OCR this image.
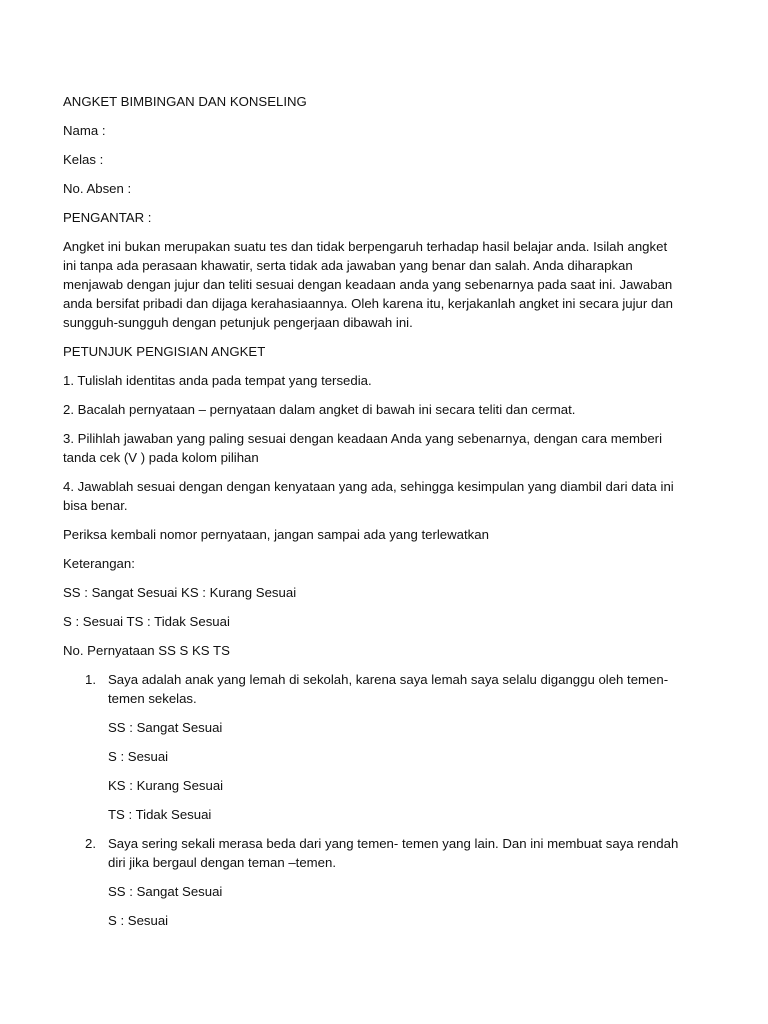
ANGKET BIMBINGAN DAN KONSELING

Nama :

Kelas :

No. Absen :

PENGANTAR :

Angket ini bukan merupakan suatu tes dan tidak berpengaruh terhadap hasil belajar anda. Isilah angket ini tanpa ada perasaan khawatir, serta tidak ada jawaban yang benar dan salah. Anda diharapkan menjawab dengan jujur dan teliti sesuai dengan keadaan anda yang sebenarnya pada saat ini. Jawaban anda bersifat pribadi dan dijaga kerahasiaannya. Oleh karena itu, kerjakanlah angket ini secara jujur dan sungguh-sungguh dengan petunjuk pengerjaan dibawah ini.

PETUNJUK PENGISIAN ANGKET

1. Tulislah identitas anda pada tempat yang tersedia.

2. Bacalah pernyataan – pernyataan dalam angket di bawah ini secara teliti dan cermat.

3. Pilihlah jawaban yang paling sesuai dengan keadaan Anda yang sebenarnya, dengan cara memberi tanda cek (V ) pada kolom pilihan

4. Jawablah sesuai dengan dengan kenyataan yang ada, sehingga kesimpulan yang diambil dari data ini bisa benar.

Periksa kembali nomor pernyataan, jangan sampai ada yang terlewatkan

Keterangan:

SS : Sangat Sesuai KS : Kurang Sesuai

S : Sesuai TS : Tidak Sesuai

No. Pernyataan SS S KS TS

1. Saya adalah anak yang lemah di sekolah, karena saya lemah saya selalu diganggu oleh temen- temen sekelas.

SS : Sangat Sesuai

S : Sesuai

KS : Kurang Sesuai

TS : Tidak Sesuai

2. Saya sering sekali merasa beda dari yang temen- temen yang lain. Dan ini membuat saya rendah diri jika bergaul dengan teman –temen.

SS : Sangat Sesuai

S : Sesuai
